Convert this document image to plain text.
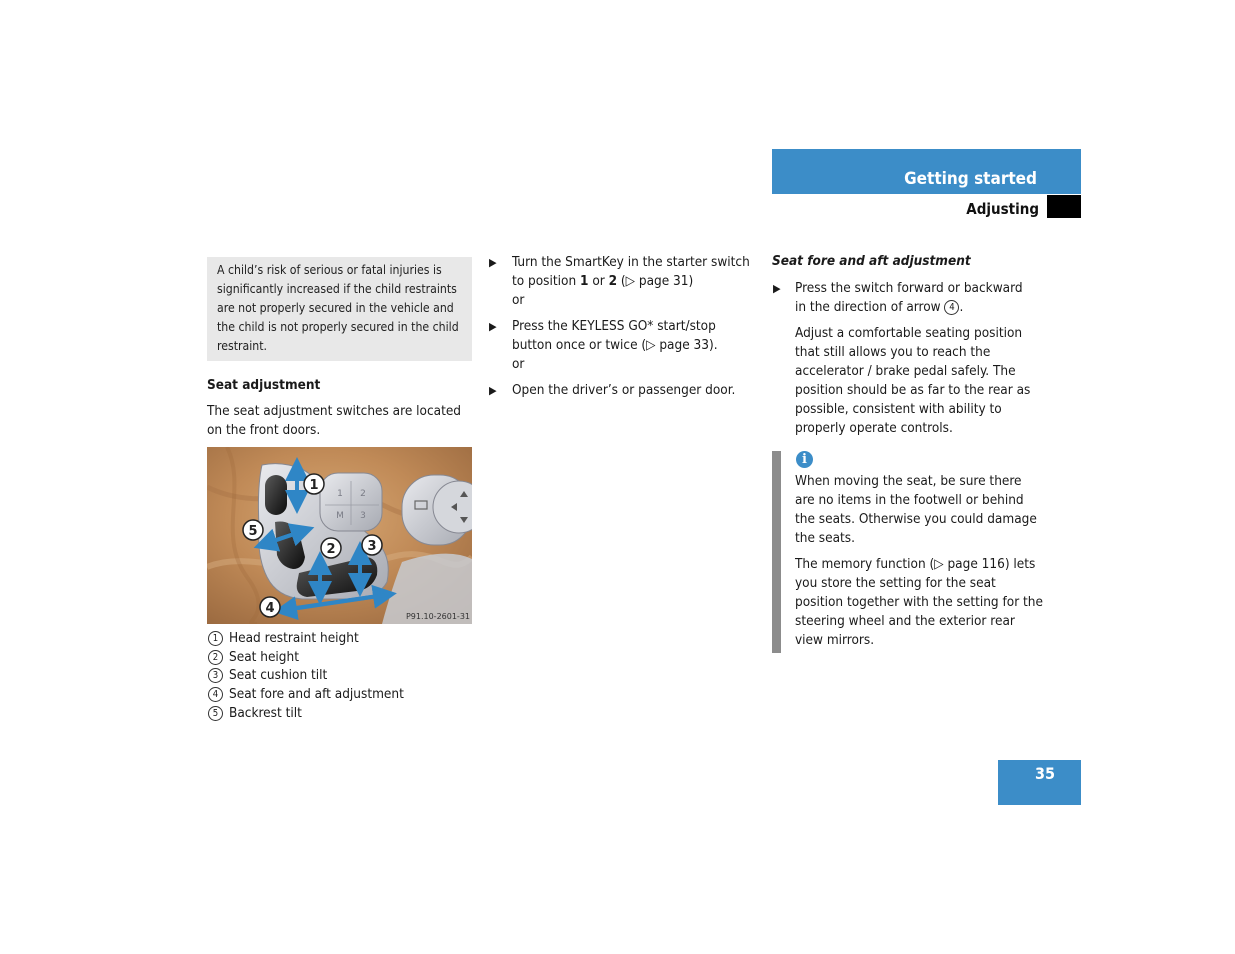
Getting started
Adjusting
A child’s risk of serious or fatal injuries is significantly increased if the child restraints are not properly secured in the vehicle and the child is not properly secured in the child restraint.
Seat adjustment
The seat adjustment switches are located on the front doors.
1 2
M 3
1
2 3
4
5
P91.10-2601-31
1 Head restraint height
2 Seat height
3 Seat cushion tilt
4 Seat fore and aft adjustment
5 Backrest tilt
▶ Turn the SmartKey in the starter switch
to position 1 or 2 (▷ page 31)
or
▶ Press the KEYLESS GO* start/stop
button once or twice (▷ page 33).
or
▶ Open the driver’s or passenger door.
Seat fore and aft adjustment
▶ Press the switch forward or backward
in the direction of arrow 4 .
Adjust a comfortable seating position that still allows you to reach the accelerator / brake pedal safely. The position should be as far to the rear as possible, consistent with ability to properly operate controls.
i
When moving the seat, be sure there are no items in the footwell or behind the seats. Otherwise you could damage the seats.
The memory function (▷ page 116) lets you store the setting for the seat position together with the setting for the steering wheel and the exterior rear view mirrors.
35
